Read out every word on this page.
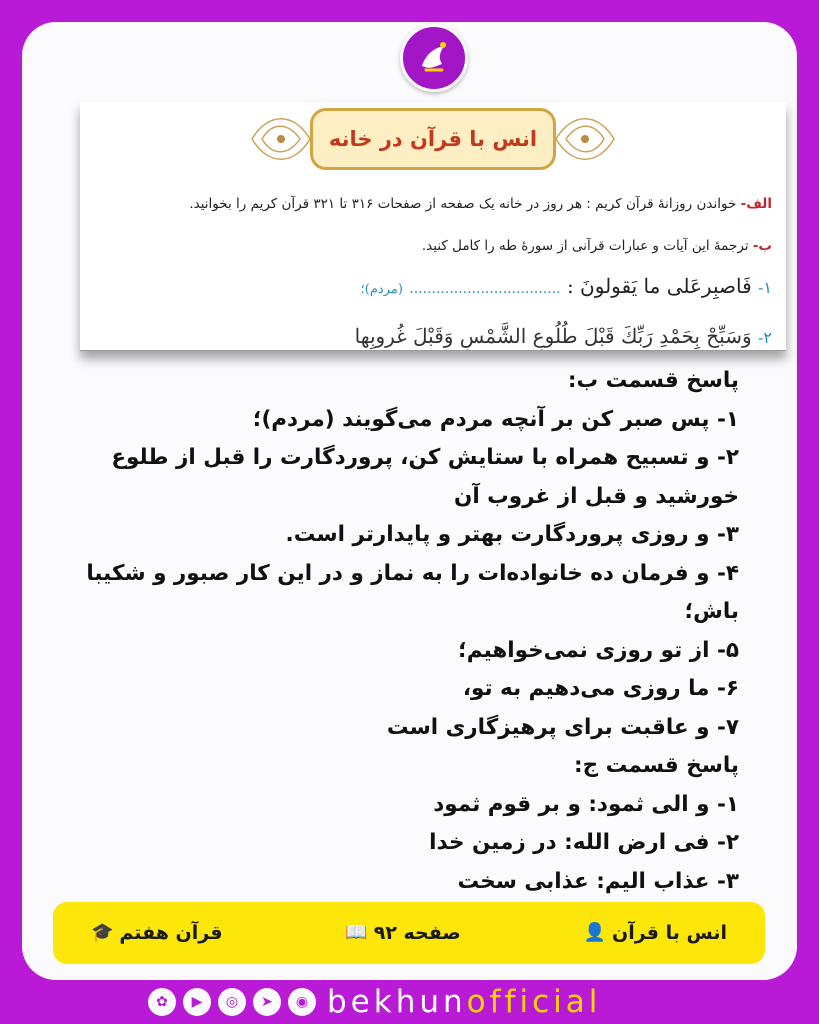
انس با قرآن در خانه
الف- خواندن روزانهٔ قرآن کریم : هر روز در خانه یک صفحه از صفحات ۳۱۶ تا ۳۲۱ قرآن کریم را بخوانید.
ب- ترجمهٔ این آیات و عبارات قرآنی از سورهٔ طه را کامل کنید.
۱- فَاصبِرعَلی ما یَقولونَ : .................................. (مردم)؛
۲- وَسَبِّحْ بِحَمْدِ رَبِّكَ قَبْلَ طُلُوعِ الشَّمْسِ وَقَبْلَ غُروبِها
پاسخ قسمت ب:
۱- پس صبر کن بر آنچه مردم می‌گویند (مردم)؛
۲- و تسبیح همراه با ستایش کن، پروردگارت را قبل از طلوع
خورشید و قبل از غروب آن
۳- و روزی پروردگارت بهتر و پایدارتر است.
۴- و فرمان ده خانواده‌ات را به نماز و در این کار صبور و شکیبا
باش؛
۵- از تو روزی نمی‌خواهیم؛
۶- ما روزی می‌دهیم به تو،
۷- و عاقبت برای پرهیزگاری است
پاسخ قسمت ج:
۱- و الی ثمود: و بر قوم ثمود
۲- فی ارض الله: در زمین خدا
۳- عذاب الیم: عذابی سخت
👤 انس با قرآن
📖 صفحه ۹۲
🎓 قرآن هفتم
✿	▶	◎	➤	◉ bekhun official
